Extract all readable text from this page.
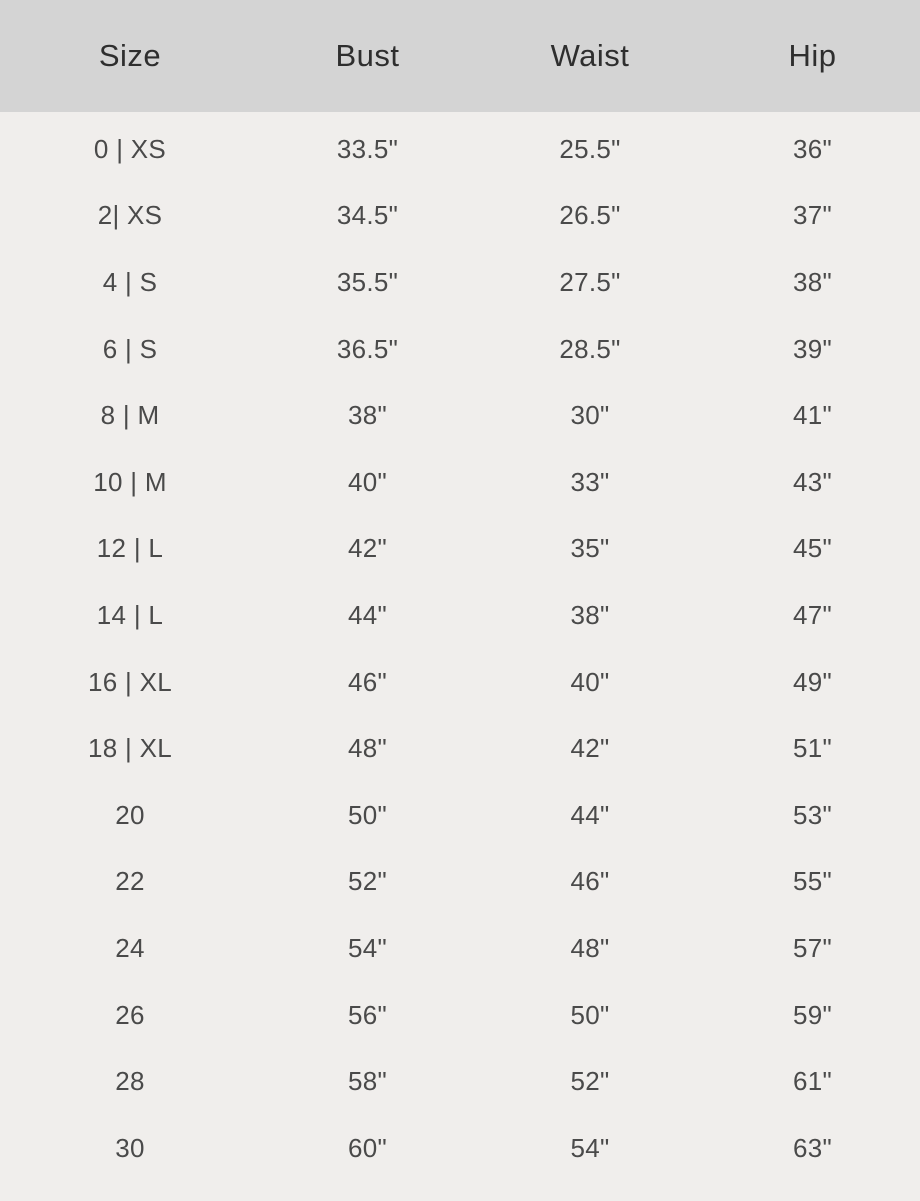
Size	Bust	Waist	Hip
0 | XS	33.5"	25.5"	36"
2| XS	34.5"	26.5"	37"
4 | S	35.5"	27.5"	38"
6 | S	36.5"	28.5"	39"
8 | M	38"	30"	41"
10 | M	40"	33"	43"
12 | L	42"	35"	45"
14 | L	44"	38"	47"
16 | XL	46"	40"	49"
18 | XL	48"	42"	51"
20	50"	44"	53"
22	52"	46"	55"
24	54"	48"	57"
26	56"	50"	59"
28	58"	52"	61"
30	60"	54"	63"
